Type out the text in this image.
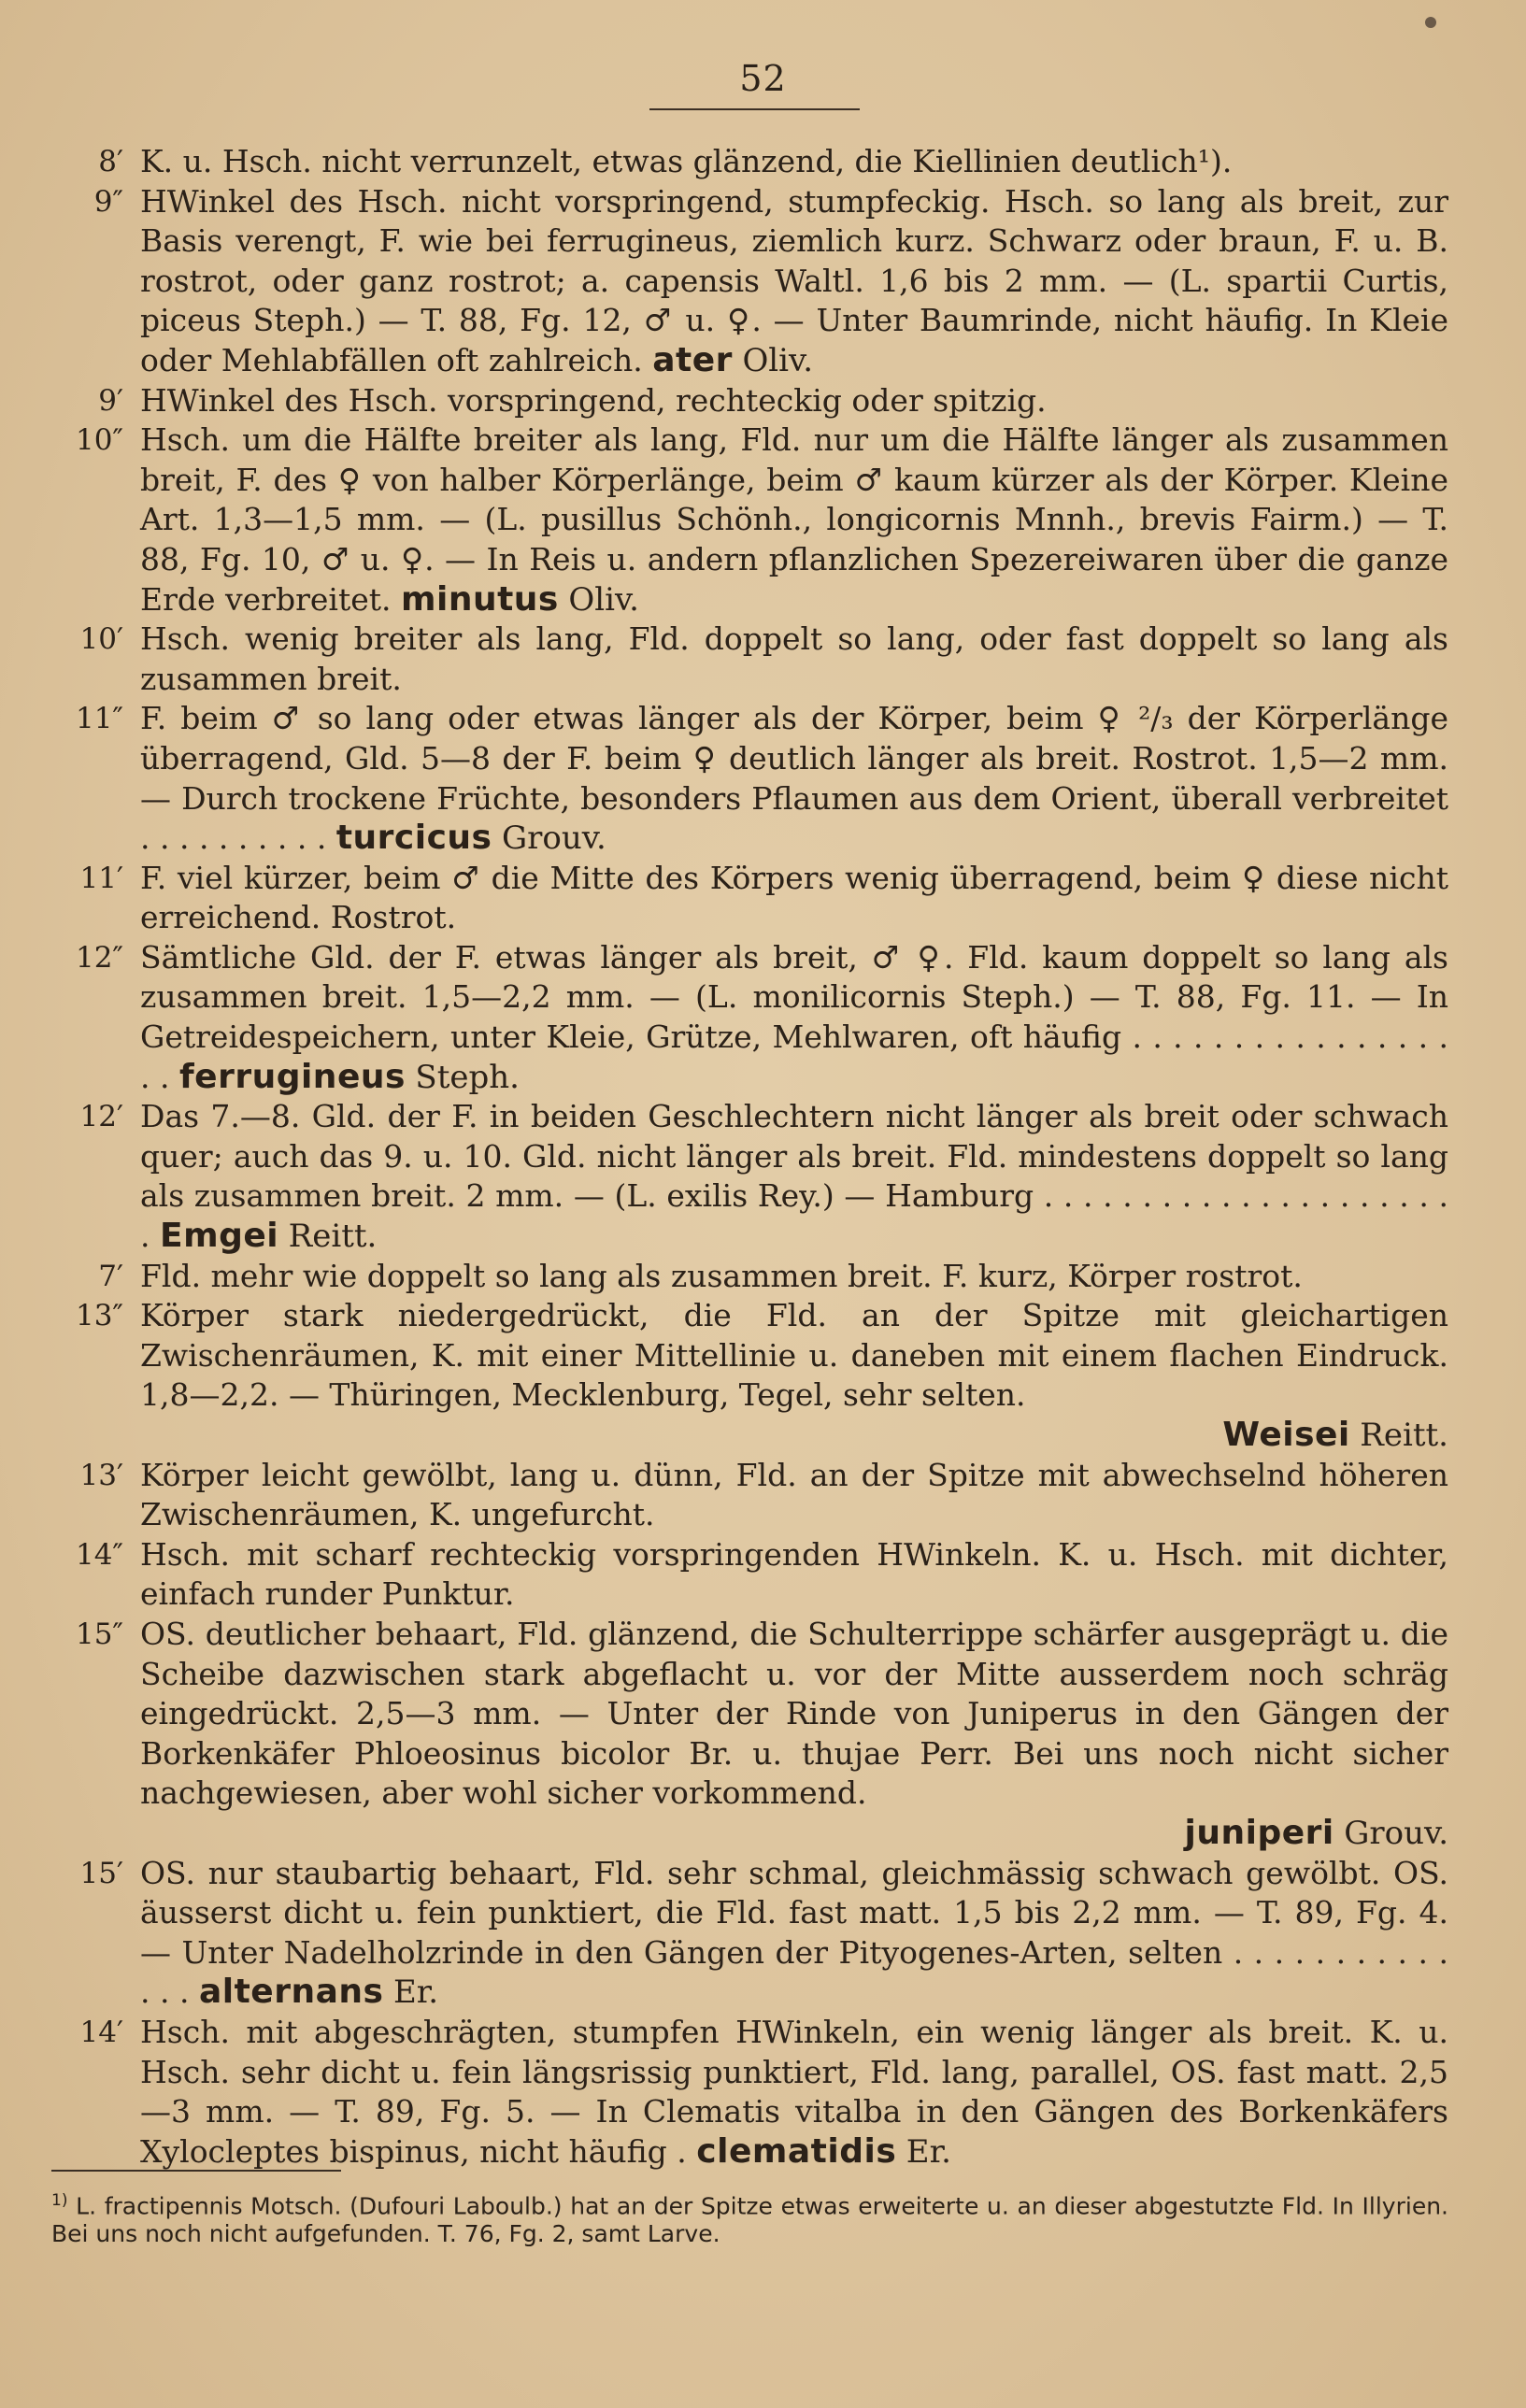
52

8′ K. u. Hsch. nicht verrunzelt, etwas glänzend, die Kiellinien deutlich¹).

9″ HWinkel des Hsch. nicht vorspringend, stumpfeckig. Hsch. so lang als breit, zur Basis verengt, F. wie bei ferrugineus, ziemlich kurz. Schwarz oder braun, F. u. B. rostrot, oder ganz rostrot; a. capensis Waltl. 1,6 bis 2 mm. — (L. spartii Curtis, piceus Steph.) — T. 88, Fg. 12, ♂ u. ♀. — Unter Baumrinde, nicht häufig. In Kleie oder Mehlabfällen oft zahlreich. ater Oliv.

9′ HWinkel des Hsch. vorspringend, rechteckig oder spitzig.

10″ Hsch. um die Hälfte breiter als lang, Fld. nur um die Hälfte länger als zusammen breit, F. des ♀ von halber Körperlänge, beim ♂ kaum kürzer als der Körper. Kleine Art. 1,3—1,5 mm. — (L. pusillus Schönh., longicornis Mnnh., brevis Fairm.) — T. 88, Fg. 10, ♂ u. ♀. — In Reis u. andern pflanzlichen Spezereiwaren über die ganze Erde verbreitet. minutus Oliv.

10′ Hsch. wenig breiter als lang, Fld. doppelt so lang, oder fast doppelt so lang als zusammen breit.

11″ F. beim ♂ so lang oder etwas länger als der Körper, beim ♀ ²/₃ der Körperlänge überragend, Gld. 5—8 der F. beim ♀ deutlich länger als breit. Rostrot. 1,5—2 mm. — Durch trockene Früchte, besonders Pflaumen aus dem Orient, überall verbreitet . . . . . . . . . . turcicus Grouv.

11′ F. viel kürzer, beim ♂ die Mitte des Körpers wenig überragend, beim ♀ diese nicht erreichend. Rostrot.

12″ Sämtliche Gld. der F. etwas länger als breit, ♂ ♀. Fld. kaum doppelt so lang als zusammen breit. 1,5—2,2 mm. — (L. monilicornis Steph.) — T. 88, Fg. 11. — In Getreidespeichern, unter Kleie, Grütze, Mehlwaren, oft häufig . . . . . . . . . . . . . . . . . . ferrugineus Steph.

12′ Das 7.—8. Gld. der F. in beiden Geschlechtern nicht länger als breit oder schwach quer; auch das 9. u. 10. Gld. nicht länger als breit. Fld. mindestens doppelt so lang als zusammen breit. 2 mm. — (L. exilis Rey.) — Hamburg . . . . . . . . . . . . . . . . . . . . . . Emgei Reitt.

7′ Fld. mehr wie doppelt so lang als zusammen breit. F. kurz, Körper rostrot.

13″ Körper stark niedergedrückt, die Fld. an der Spitze mit gleichartigen Zwischenräumen, K. mit einer Mittellinie u. daneben mit einem flachen Eindruck. 1,8—2,2. — Thüringen, Mecklenburg, Tegel, sehr selten.
Weisei Reitt.

13′ Körper leicht gewölbt, lang u. dünn, Fld. an der Spitze mit abwechselnd höheren Zwischenräumen, K. ungefurcht.

14″ Hsch. mit scharf rechteckig vorspringenden HWinkeln. K. u. Hsch. mit dichter, einfach runder Punktur.

15″ OS. deutlicher behaart, Fld. glänzend, die Schulterrippe schärfer ausgeprägt u. die Scheibe dazwischen stark abgeflacht u. vor der Mitte ausserdem noch schräg eingedrückt. 2,5—3 mm. — Unter der Rinde von Juniperus in den Gängen der Borkenkäfer Phloeosinus bicolor Br. u. thujae Perr. Bei uns noch nicht sicher nachgewiesen, aber wohl sicher vorkommend.
juniperi Grouv.

15′ OS. nur staubartig behaart, Fld. sehr schmal, gleichmässig schwach gewölbt. OS. äusserst dicht u. fein punktiert, die Fld. fast matt. 1,5 bis 2,2 mm. — T. 89, Fg. 4. — Unter Nadelholzrinde in den Gängen der Pityogenes-Arten, selten . . . . . . . . . . . . . . alternans Er.

14′ Hsch. mit abgeschrägten, stumpfen HWinkeln, ein wenig länger als breit. K. u. Hsch. sehr dicht u. fein längsrissig punktiert, Fld. lang, parallel, OS. fast matt. 2,5—3 mm. — T. 89, Fg. 5. — In Clematis vitalba in den Gängen des Borkenkäfers Xylocleptes bispinus, nicht häufig . clematidis Er.

$^{1)}$ L. fractipennis Motsch. (Dufouri Laboulb.) hat an der Spitze etwas erweiterte u. an dieser abgestutzte Fld. In Illyrien. Bei uns noch nicht aufgefunden. T. 76, Fg. 2, samt Larve.
